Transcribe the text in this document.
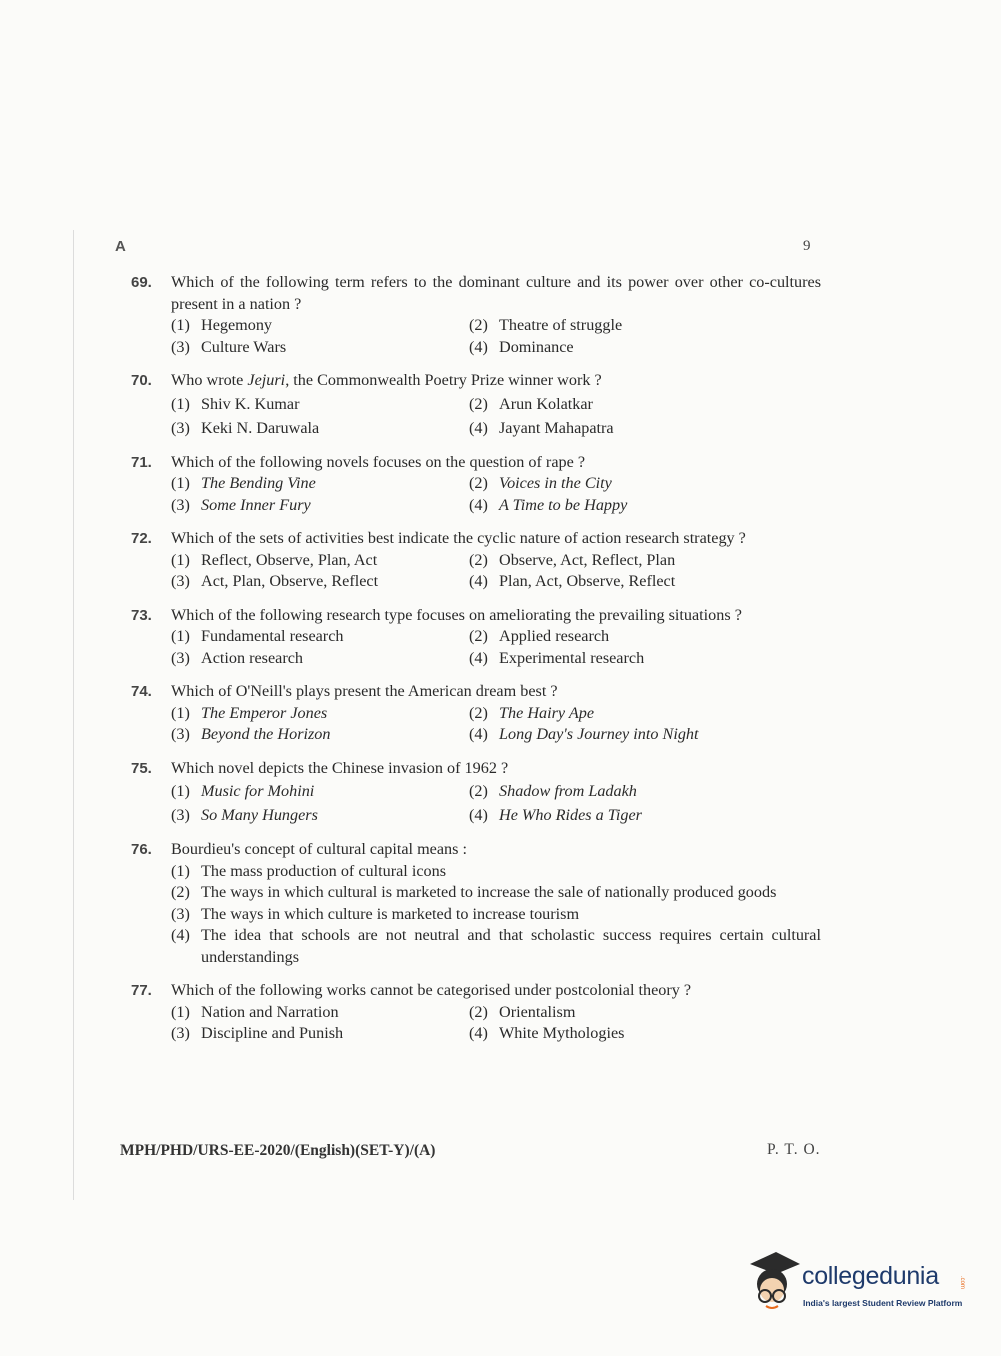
A	9
69.	Which of the following term refers to the dominant culture and its power over other co-cultures present in a nation ?
(1) Hegemony	(2) Theatre of struggle
(3) Culture Wars	(4) Dominance
70.	Who wrote Jejuri, the Commonwealth Poetry Prize winner work ?
(1) Shiv K. Kumar	(2) Arun Kolatkar
(3) Keki N. Daruwala	(4) Jayant Mahapatra
71.	Which of the following novels focuses on the question of rape ?
(1) The Bending Vine	(2) Voices in the City
(3) Some Inner Fury	(4) A Time to be Happy
72.	Which of the sets of activities best indicate the cyclic nature of action research strategy ?
(1) Reflect, Observe, Plan, Act	(2) Observe, Act, Reflect, Plan
(3) Act, Plan, Observe, Reflect	(4) Plan, Act, Observe, Reflect
73.	Which of the following research type focuses on ameliorating the prevailing situations ?
(1) Fundamental research	(2) Applied research
(3) Action research	(4) Experimental research
74.	Which of O'Neill's plays present the American dream best ?
(1) The Emperor Jones	(2) The Hairy Ape
(3) Beyond the Horizon	(4) Long Day's Journey into Night
75.	Which novel depicts the Chinese invasion of 1962 ?
(1) Music for Mohini	(2) Shadow from Ladakh
(3) So Many Hungers	(4) He Who Rides a Tiger
76.	Bourdieu's concept of cultural capital means :
(1) The mass production of cultural icons
(2) The ways in which cultural is marketed to increase the sale of nationally produced goods
(3) The ways in which culture is marketed to increase tourism
(4) The idea that schools are not neutral and that scholastic success requires certain cultural understandings
77.	Which of the following works cannot be categorised under postcolonial theory ?
(1) Nation and Narration	(2) Orientalism
(3) Discipline and Punish	(4) White Mythologies
MPH/PHD/URS-EE-2020/(English)(SET-Y)/(A)	P. T. O.
collegedunia	.com
India's largest Student Review Platform
